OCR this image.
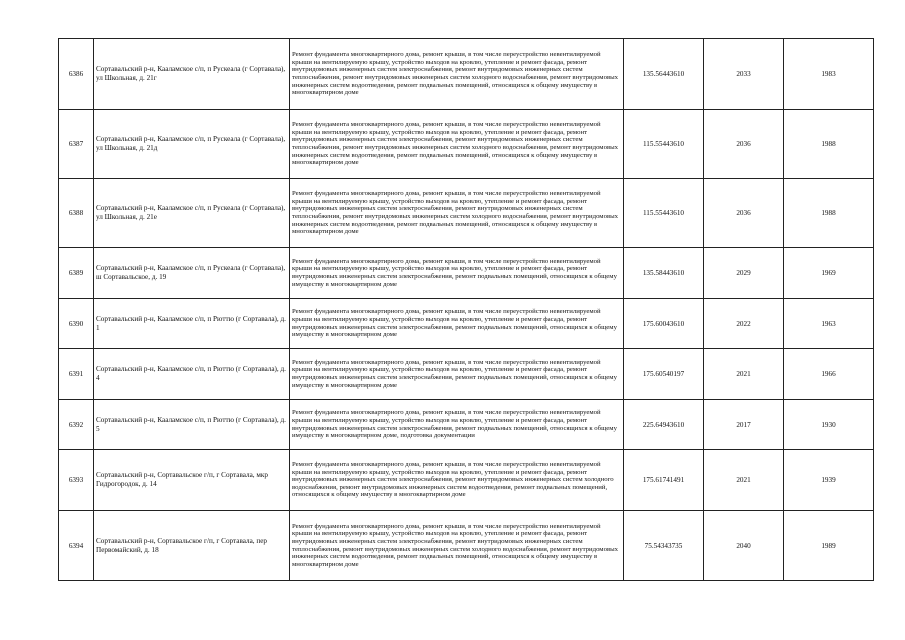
6386	Сортавальский р-н, Кааламское с/п, п Рускеала (г Сортавала), ул Школьная, д. 21г	Ремонт фундамента многоквартирного дома, ремонт крыши, в том числе переустройство невентилируемой крыши на вентилируемую крышу, устройство выходов на кровлю, утепление и ремонт фасада, ремонт внутридомовых инженерных систем электроснабжения, ремонт внутридомовых инженерных систем теплоснабжения, ремонт внутридомовых инженерных систем холодного водоснабжения, ремонт внутридомовых инженерных систем водоотведения, ремонт подвальных помещений, относящихся к общему имуществу в многоквартирном доме	135.56443610	2033	1983
6387	Сортавальский р-н, Кааламское с/п, п Рускеала (г Сортавала), ул Школьная, д. 21д	Ремонт фундамента многоквартирного дома, ремонт крыши, в том числе переустройство невентилируемой крыши на вентилируемую крышу, устройство выходов на кровлю, утепление и ремонт фасада, ремонт внутридомовых инженерных систем электроснабжения, ремонт внутридомовых инженерных систем теплоснабжения, ремонт внутридомовых инженерных систем холодного водоснабжения, ремонт внутридомовых инженерных систем водоотведения, ремонт подвальных помещений, относящихся к общему имуществу в многоквартирном доме	115.55443610	2036	1988
6388	Сортавальский р-н, Кааламское с/п, п Рускеала (г Сортавала), ул Школьная, д. 21е	Ремонт фундамента многоквартирного дома, ремонт крыши, в том числе переустройство невентилируемой крыши на вентилируемую крышу, устройство выходов на кровлю, утепление и ремонт фасада, ремонт внутридомовых инженерных систем электроснабжения, ремонт внутридомовых инженерных систем теплоснабжения, ремонт внутридомовых инженерных систем холодного водоснабжения, ремонт внутридомовых инженерных систем водоотведения, ремонт подвальных помещений, относящихся к общему имуществу в многоквартирном доме	115.55443610	2036	1988
6389	Сортавальский р-н, Кааламское с/п, п Рускеала (г Сортавала), ш Сортавальское, д. 19	Ремонт фундамента многоквартирного дома, ремонт крыши, в том числе переустройство невентилируемой крыши на вентилируемую крышу, устройство выходов на кровлю, утепление и ремонт фасада, ремонт внутридомовых инженерных систем электроснабжения, ремонт подвальных помещений, относящихся к общему имуществу в многоквартирном доме	135.58443610	2029	1969
6390	Сортавальский р-н, Кааламское с/п, п Рюттю (г Сортавала), д. 1	Ремонт фундамента многоквартирного дома, ремонт крыши, в том числе переустройство невентилируемой крыши на вентилируемую крышу, устройство выходов на кровлю, утепление и ремонт фасада, ремонт внутридомовых инженерных систем электроснабжения, ремонт подвальных помещений, относящихся к общему имуществу в многоквартирном доме	175.60043610	2022	1963
6391	Сортавальский р-н, Кааламское с/п, п Рюттю (г Сортавала), д. 4	Ремонт фундамента многоквартирного дома, ремонт крыши, в том числе переустройство невентилируемой крыши на вентилируемую крышу, устройство выходов на кровлю, утепление и ремонт фасада, ремонт внутридомовых инженерных систем электроснабжения, ремонт подвальных помещений, относящихся к общему имуществу в многоквартирном доме	175.60540197	2021	1966
6392	Сортавальский р-н, Кааламское с/п, п Рюттю (г Сортавала), д. 5	Ремонт фундамента многоквартирного дома, ремонт крыши, в том числе переустройство невентилируемой крыши на вентилируемую крышу, устройство выходов на кровлю, утепление и ремонт фасада, ремонт внутридомовых инженерных систем электроснабжения, ремонт подвальных помещений, относящихся к общему имуществу в многоквартирном доме, подготовка документации	225.64943610	2017	1930
6393	Сортавальский р-н, Сортавальское г/п, г Сортавала, мкр Гидрогородок, д. 14	Ремонт фундамента многоквартирного дома, ремонт крыши, в том числе переустройство невентилируемой крыши на вентилируемую крышу, устройство выходов на кровлю, утепление и ремонт фасада, ремонт внутридомовых инженерных систем электроснабжения, ремонт внутридомовых инженерных систем холодного водоснабжения, ремонт внутридомовых инженерных систем водоотведения, ремонт подвальных помещений, относящихся к общему имуществу в многоквартирном доме	175.61741491	2021	1939
6394	Сортавальский р-н, Сортавальское г/п, г Сортавала, пер Первомайский, д. 18	Ремонт фундамента многоквартирного дома, ремонт крыши, в том числе переустройство невентилируемой крыши на вентилируемую крышу, устройство выходов на кровлю, утепление и ремонт фасада, ремонт внутридомовых инженерных систем электроснабжения, ремонт внутридомовых инженерных систем теплоснабжения, ремонт внутридомовых инженерных систем холодного водоснабжения, ремонт внутридомовых инженерных систем водоотведения, ремонт подвальных помещений, относящихся к общему имуществу в многоквартирном доме	75.54343735	2040	1989
